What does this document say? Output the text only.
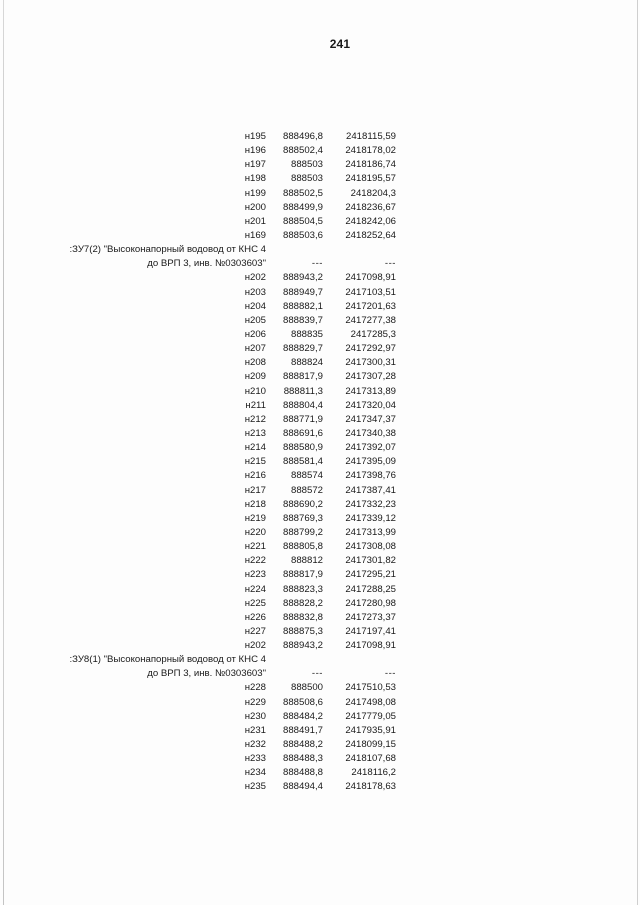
241
н195	888496,8	2418115,59
н196	888502,4	2418178,02
н197	888503	2418186,74
н198	888503	2418195,57
н199	888502,5	2418204,3
н200	888499,9	2418236,67
н201	888504,5	2418242,06
н169	888503,6	2418252,64
:ЗУ7(2) "Высоконапорный водовод от КНС 4
до ВРП 3, инв. №0303603"	---	---
н202	888943,2	2417098,91
н203	888949,7	2417103,51
н204	888882,1	2417201,63
н205	888839,7	2417277,38
н206	888835	2417285,3
н207	888829,7	2417292,97
н208	888824	2417300,31
н209	888817,9	2417307,28
н210	888811,3	2417313,89
н211	888804,4	2417320,04
н212	888771,9	2417347,37
н213	888691,6	2417340,38
н214	888580,9	2417392,07
н215	888581,4	2417395,09
н216	888574	2417398,76
н217	888572	2417387,41
н218	888690,2	2417332,23
н219	888769,3	2417339,12
н220	888799,2	2417313,99
н221	888805,8	2417308,08
н222	888812	2417301,82
н223	888817,9	2417295,21
н224	888823,3	2417288,25
н225	888828,2	2417280,98
н226	888832,8	2417273,37
н227	888875,3	2417197,41
н202	888943,2	2417098,91
:ЗУ8(1) "Высоконапорный водовод от КНС 4
до ВРП 3, инв. №0303603"	---	---
н228	888500	2417510,53
н229	888508,6	2417498,08
н230	888484,2	2417779,05
н231	888491,7	2417935,91
н232	888488,2	2418099,15
н233	888488,3	2418107,68
н234	888488,8	2418116,2
н235	888494,4	2418178,63
